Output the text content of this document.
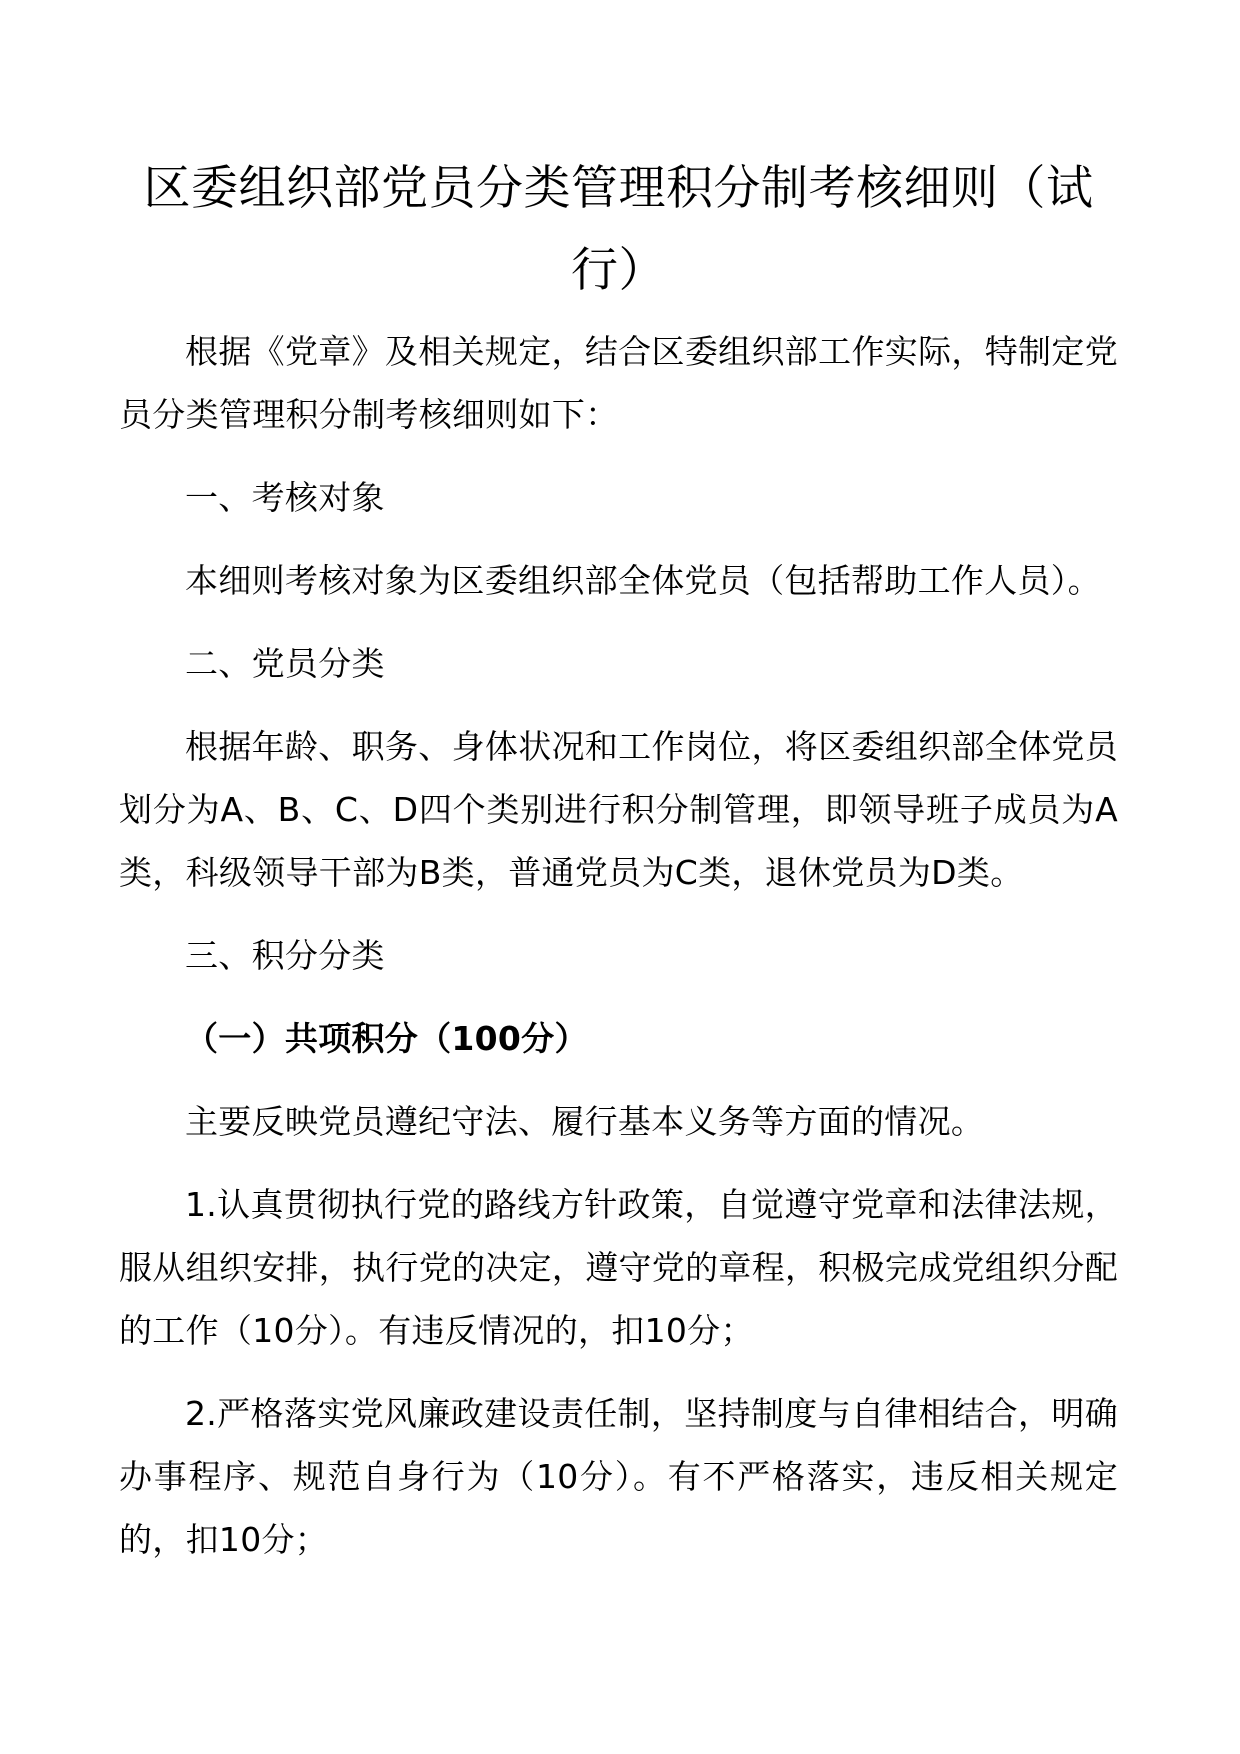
区委组织部党员分类管理积分制考核细则（试行）

根据《党章》及相关规定，结合区委组织部工作实际，特制定党员分类管理积分制考核细则如下：

一、考核对象

本细则考核对象为区委组织部全体党员（包括帮助工作人员）。

二、党员分类

根据年龄、职务、身体状况和工作岗位，将区委组织部全体党员划分为A、B、C、D四个类别进行积分制管理，即领导班子成员为A类，科级领导干部为B类，普通党员为C类，退休党员为D类。

三、积分分类

（一）共项积分（100分）

主要反映党员遵纪守法、履行基本义务等方面的情况。

1.认真贯彻执行党的路线方针政策，自觉遵守党章和法律法规，服从组织安排，执行党的决定，遵守党的章程，积极完成党组织分配的工作（10分）。有违反情况的，扣10分；

2.严格落实党风廉政建设责任制，坚持制度与自律相结合，明确办事程序、规范自身行为（10分）。有不严格落实，违反相关规定的，扣10分；
